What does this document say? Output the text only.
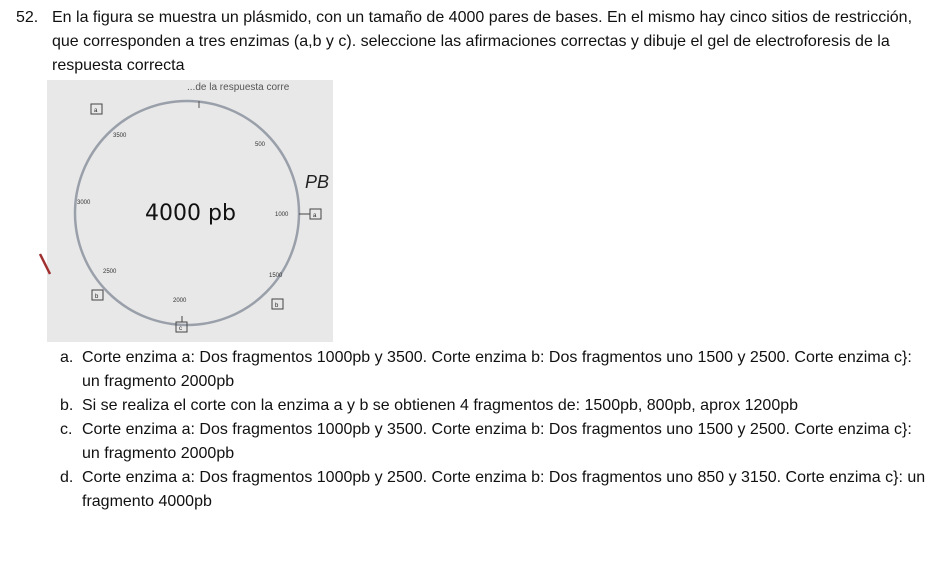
52. En la figura se muestra un plásmido, con un tamaño de 4000 pares de bases. En el mismo hay cinco sitios de restricción, que corresponden a tres enzimas (a,b y c). seleccione las afirmaciones correctas y dibuje el gel de electroforesis de la respuesta correcta
...de la respuesta corre
3500
500
3000
1000
2500
1500
2000
4000 pb
PB
a
a
b
b
c
a. Corte enzima a: Dos fragmentos 1000pb y 3500. Corte enzima b: Dos fragmentos uno 1500 y 2500. Corte enzima c}: un fragmento 2000pb
b. Si se realiza el corte con la enzima a y b se obtienen 4 fragmentos de: 1500pb, 800pb, aprox 1200pb
c. Corte enzima a: Dos fragmentos 1000pb y 3500. Corte enzima b: Dos fragmentos uno 1500 y 2500. Corte enzima c}: un fragmento 2000pb
d. Corte enzima a: Dos fragmentos 1000pb y 2500. Corte enzima b: Dos fragmentos uno 850 y 3150. Corte enzima c}: un fragmento 4000pb
